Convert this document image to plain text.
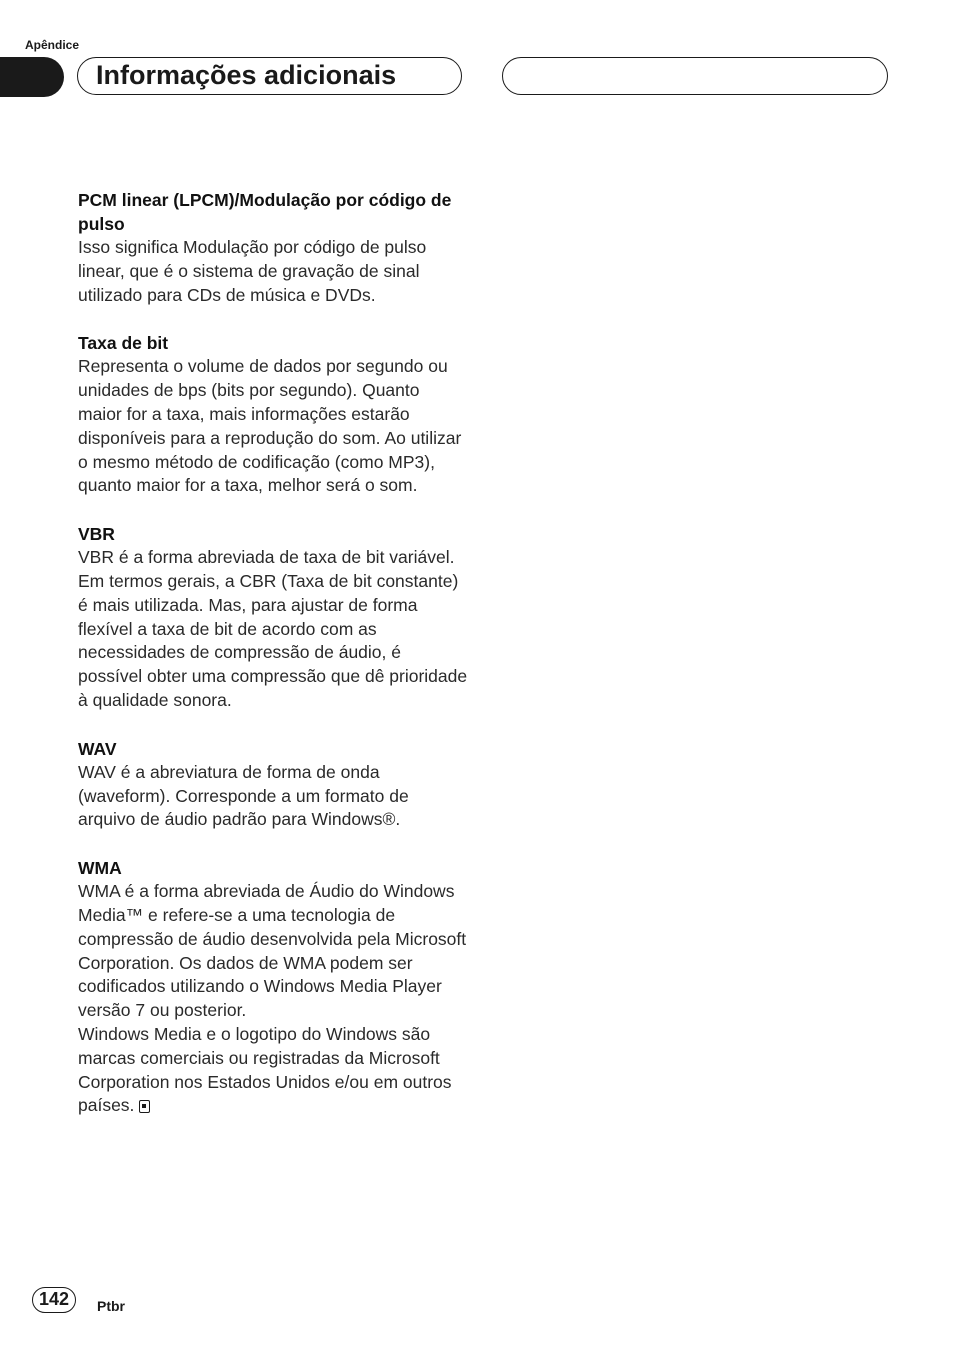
Apêndice
Informações adicionais
PCM linear (LPCM)/Modulação por código de pulso

Isso significa Modulação por código de pulso linear, que é o sistema de gravação de sinal utilizado para CDs de música e DVDs.

Taxa de bit

Representa o volume de dados por segundo ou unidades de bps (bits por segundo). Quanto maior for a taxa, mais informações estarão disponíveis para a reprodução do som. Ao utilizar o mesmo método de codificação (como MP3), quanto maior for a taxa, melhor será o som.

VBR

VBR é a forma abreviada de taxa de bit variável. Em termos gerais, a CBR (Taxa de bit constante) é mais utilizada. Mas, para ajustar de forma flexível a taxa de bit de acordo com as necessidades de compressão de áudio, é possível obter uma compressão que dê prioridade à qualidade sonora.

WAV

WAV é a abreviatura de forma de onda (waveform). Corresponde a um formato de arquivo de áudio padrão para Windows®.

WMA

WMA é a forma abreviada de Áudio do Windows Media™ e refere-se a uma tecnologia de compressão de áudio desenvolvida pela Microsoft Corporation. Os dados de WMA podem ser codificados utilizando o Windows Media Player versão 7 ou posterior.

Windows Media e o logotipo do Windows são marcas comerciais ou registradas da Microsoft Corporation nos Estados Unidos e/ou em outros países.

142	Ptbr
